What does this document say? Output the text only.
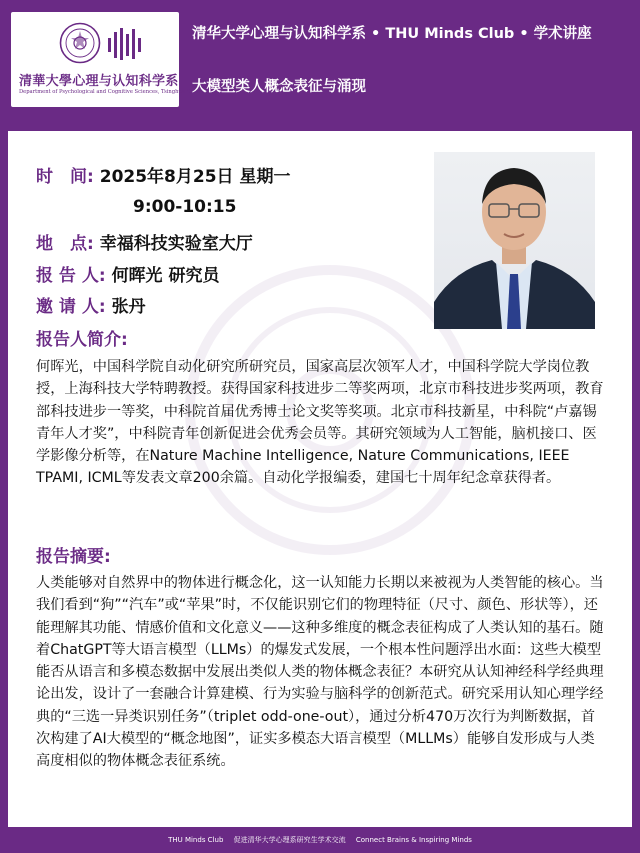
清華大學心理与认知科学系
Department of Psychological and Cognitive Sciences, Tsinghua University
清华大学心理与认知科学系 • THU Minds Club • 学术讲座
大模型类人概念表征与涌现
时　间: 2025年8月25日 星期一
9:00-10:15
地　点: 幸福科技实验室大厅
报 告 人: 何晖光 研究员
邀 请 人: 张丹
报告人简介:
何晖光，中国科学院自动化研究所研究员，国家高层次领军人才，中国科学院大学岗位教授，上海科技大学特聘教授。获得国家科技进步二等奖两项，北京市科技进步奖两项，教育部科技进步一等奖，中科院首届优秀博士论文奖等奖项。北京市科技新星，中科院“卢嘉锡青年人才奖”，中科院青年创新促进会优秀会员等。其研究领域为人工智能，脑机接口、医学影像分析等，在Nature Machine Intelligence, Nature Communications, IEEE TPAMI, ICML等发表文章200余篇。自动化学报编委，建国七十周年纪念章获得者。
报告摘要:
人类能够对自然界中的物体进行概念化，这一认知能力长期以来被视为人类智能的核心。当我们看到“狗”“汽车”或“苹果”时，不仅能识别它们的物理特征（尺寸、颜色、形状等），还能理解其功能、情感价值和文化意义——这种多维度的概念表征构成了人类认知的基石。随着ChatGPT等大语言模型（LLMs）的爆发式发展，一个根本性问题浮出水面：这些大模型能否从语言和多模态数据中发展出类似人类的物体概念表征？本研究从认知神经科学经典理论出发，设计了一套融合计算建模、行为实验与脑科学的创新范式。研究采用认知心理学经典的“三选一异类识别任务”（triplet odd-one-out），通过分析470万次行为判断数据，首次构建了AI大模型的“概念地图”，证实多模态大语言模型（MLLMs）能够自发形成与人类高度相似的物体概念表征系统。
THU Minds Club 促进清华大学心理系研究生学术交流 Connect Brains & Inspiring Minds
